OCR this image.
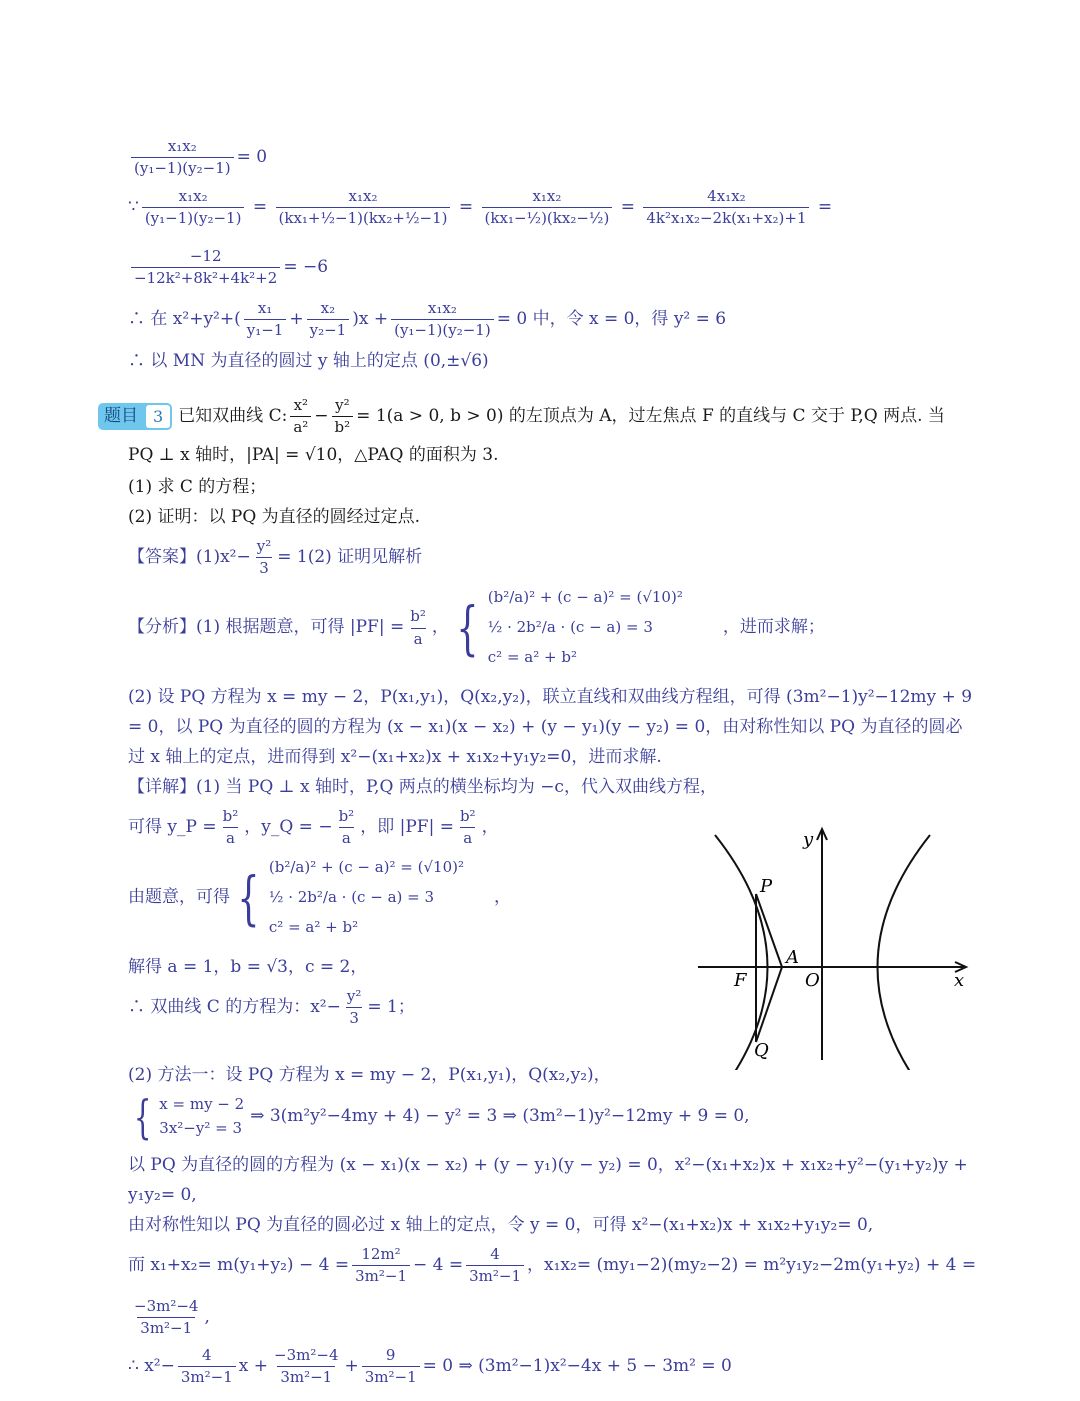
$\frac{\text{x₁x₂}}{\text{(y₁−1)(y₂−1)}} = 0$
∵ $\frac{\text{x₁x₂}}{\text{(y₁−1)(y₂−1)}} = \frac{\text{x₁x₂}}{\text{(kx₁+½−1)(kx₂+½−1)}} = \frac{\text{x₁x₂}}{\text{(kx₁−½)(kx₂−½)}} = \frac{\text{4x₁x₂}}{\text{4k²x₁x₂−2k(x₁+x₂)+1}}$ =
$\frac{-12}{\text{−12k²+8k²+4k²+2}} = -6$
∴ 在 $x^2+y^2+( \frac{\text{x₁}}{\text{y₁−1}} + \frac{\text{x₂}}{\text{y₂−1}} )x + \frac{\text{x₁x₂}}{\text{(y₁−1)(y₂−1)}} = 0$ 中，令 x = 0，得 y² = 6
∴ 以 MN 为直径的圆过 y 轴上的定点 (0,±√6)
题目 3 已知双曲线 C: $\frac{\text{x²}}{\text{a²}} - \frac{\text{y²}}{\text{b²}} = 1(a > 0$, b > 0) 的左顶点为 A，过左焦点 F 的直线与 C 交于 P,Q 两点. 当
PQ ⊥ x 轴时，|PA| = √10，△PAQ 的面积为 3.
(1) 求 C 的方程；
(2) 证明：以 PQ 为直径的圆经过定点.
【答案】$(1)x^2- \frac{\text{y²}}{3} = 1(2)$ 证明见解析
【分析】(1) 根据题意，可得 $|PF| = \frac{\text{b²}}{a}$ ， { (b²/a)² + (c − a)² = (√10)²
½ · 2b²/a · (c − a) = 3
c² = a² + b²
，进而求解；
(2) 设 PQ 方程为 x = my − 2，P(x₁,y₁)，Q(x₂,y₂)，联立直线和双曲线方程组，可得 (3m²−1)y²−12my + 9
= 0，以 PQ 为直径的圆的方程为 (x − x₁)(x − x₂) + (y − y₁)(y − y₂) = 0，由对称性知以 PQ 为直径的圆必
过 x 轴上的定点，进而得到 x²−(x₁+x₂)x + x₁x₂+y₁y₂=0，进而求解.
【详解】(1) 当 PQ ⊥ x 轴时，P,Q 两点的横坐标均为 −c，代入双曲线方程，
可得 y_P = $\frac{\text{b²}}{a}$ ，y_Q = − $\frac{\text{b²}}{a}$ ，即 $|PF| = \frac{\text{b²}}{a}$ ，
由题意，可得 { (b²/a)² + (c − a)² = (√10)²
½ · 2b²/a · (c − a) = 3
c² = a² + b²
，
解得 a = 1，b = √3，c = 2，
∴ 双曲线 C 的方程为：$x^2- \frac{\text{y²}}{3} = 1$；
(2) 方法一：设 PQ 方程为 x = my − 2，P(x₁,y₁)，Q(x₂,y₂)，
{ x = my − 2
3x²−y² = 3
⇒ 3(m²y²−4my + 4) − y² = 3 ⇒ (3m²−1)y²−12my + 9 = 0,
以 PQ 为直径的圆的方程为 (x − x₁)(x − x₂) + (y − y₁)(y − y₂) = 0，x²−(x₁+x₂)x + x₁x₂+y²−(y₁+y₂)y +
y₁y₂= 0,
由对称性知以 PQ 为直径的圆必过 x 轴上的定点，令 y = 0，可得 x²−(x₁+x₂)x + x₁x₂+y₁y₂= 0,
而 $x_1+x_2= m(y_1+y_2) - 4 = \frac{\text{12m²}}{\text{3m²−1}} - 4 = \frac{4}{\text{3m²−1}}$ ，x₁x₂= (my₁−2)(my₂−2) = m²y₁y₂−2m(y₁+y₂) + 4 =
$\frac{\text{−3m²−4}}{\text{3m²−1}}$ ,
∴ $x^2- \frac{4}{\text{3m²−1}}$ $x + \frac{\text{−3m²−4}}{\text{3m²−1}} + \frac{9}{\text{3m²−1}} = 0$ ⇒ (3m²−1)x²−4x + 5 − 3m² = 0
y
x
P
A
F	O
Q
